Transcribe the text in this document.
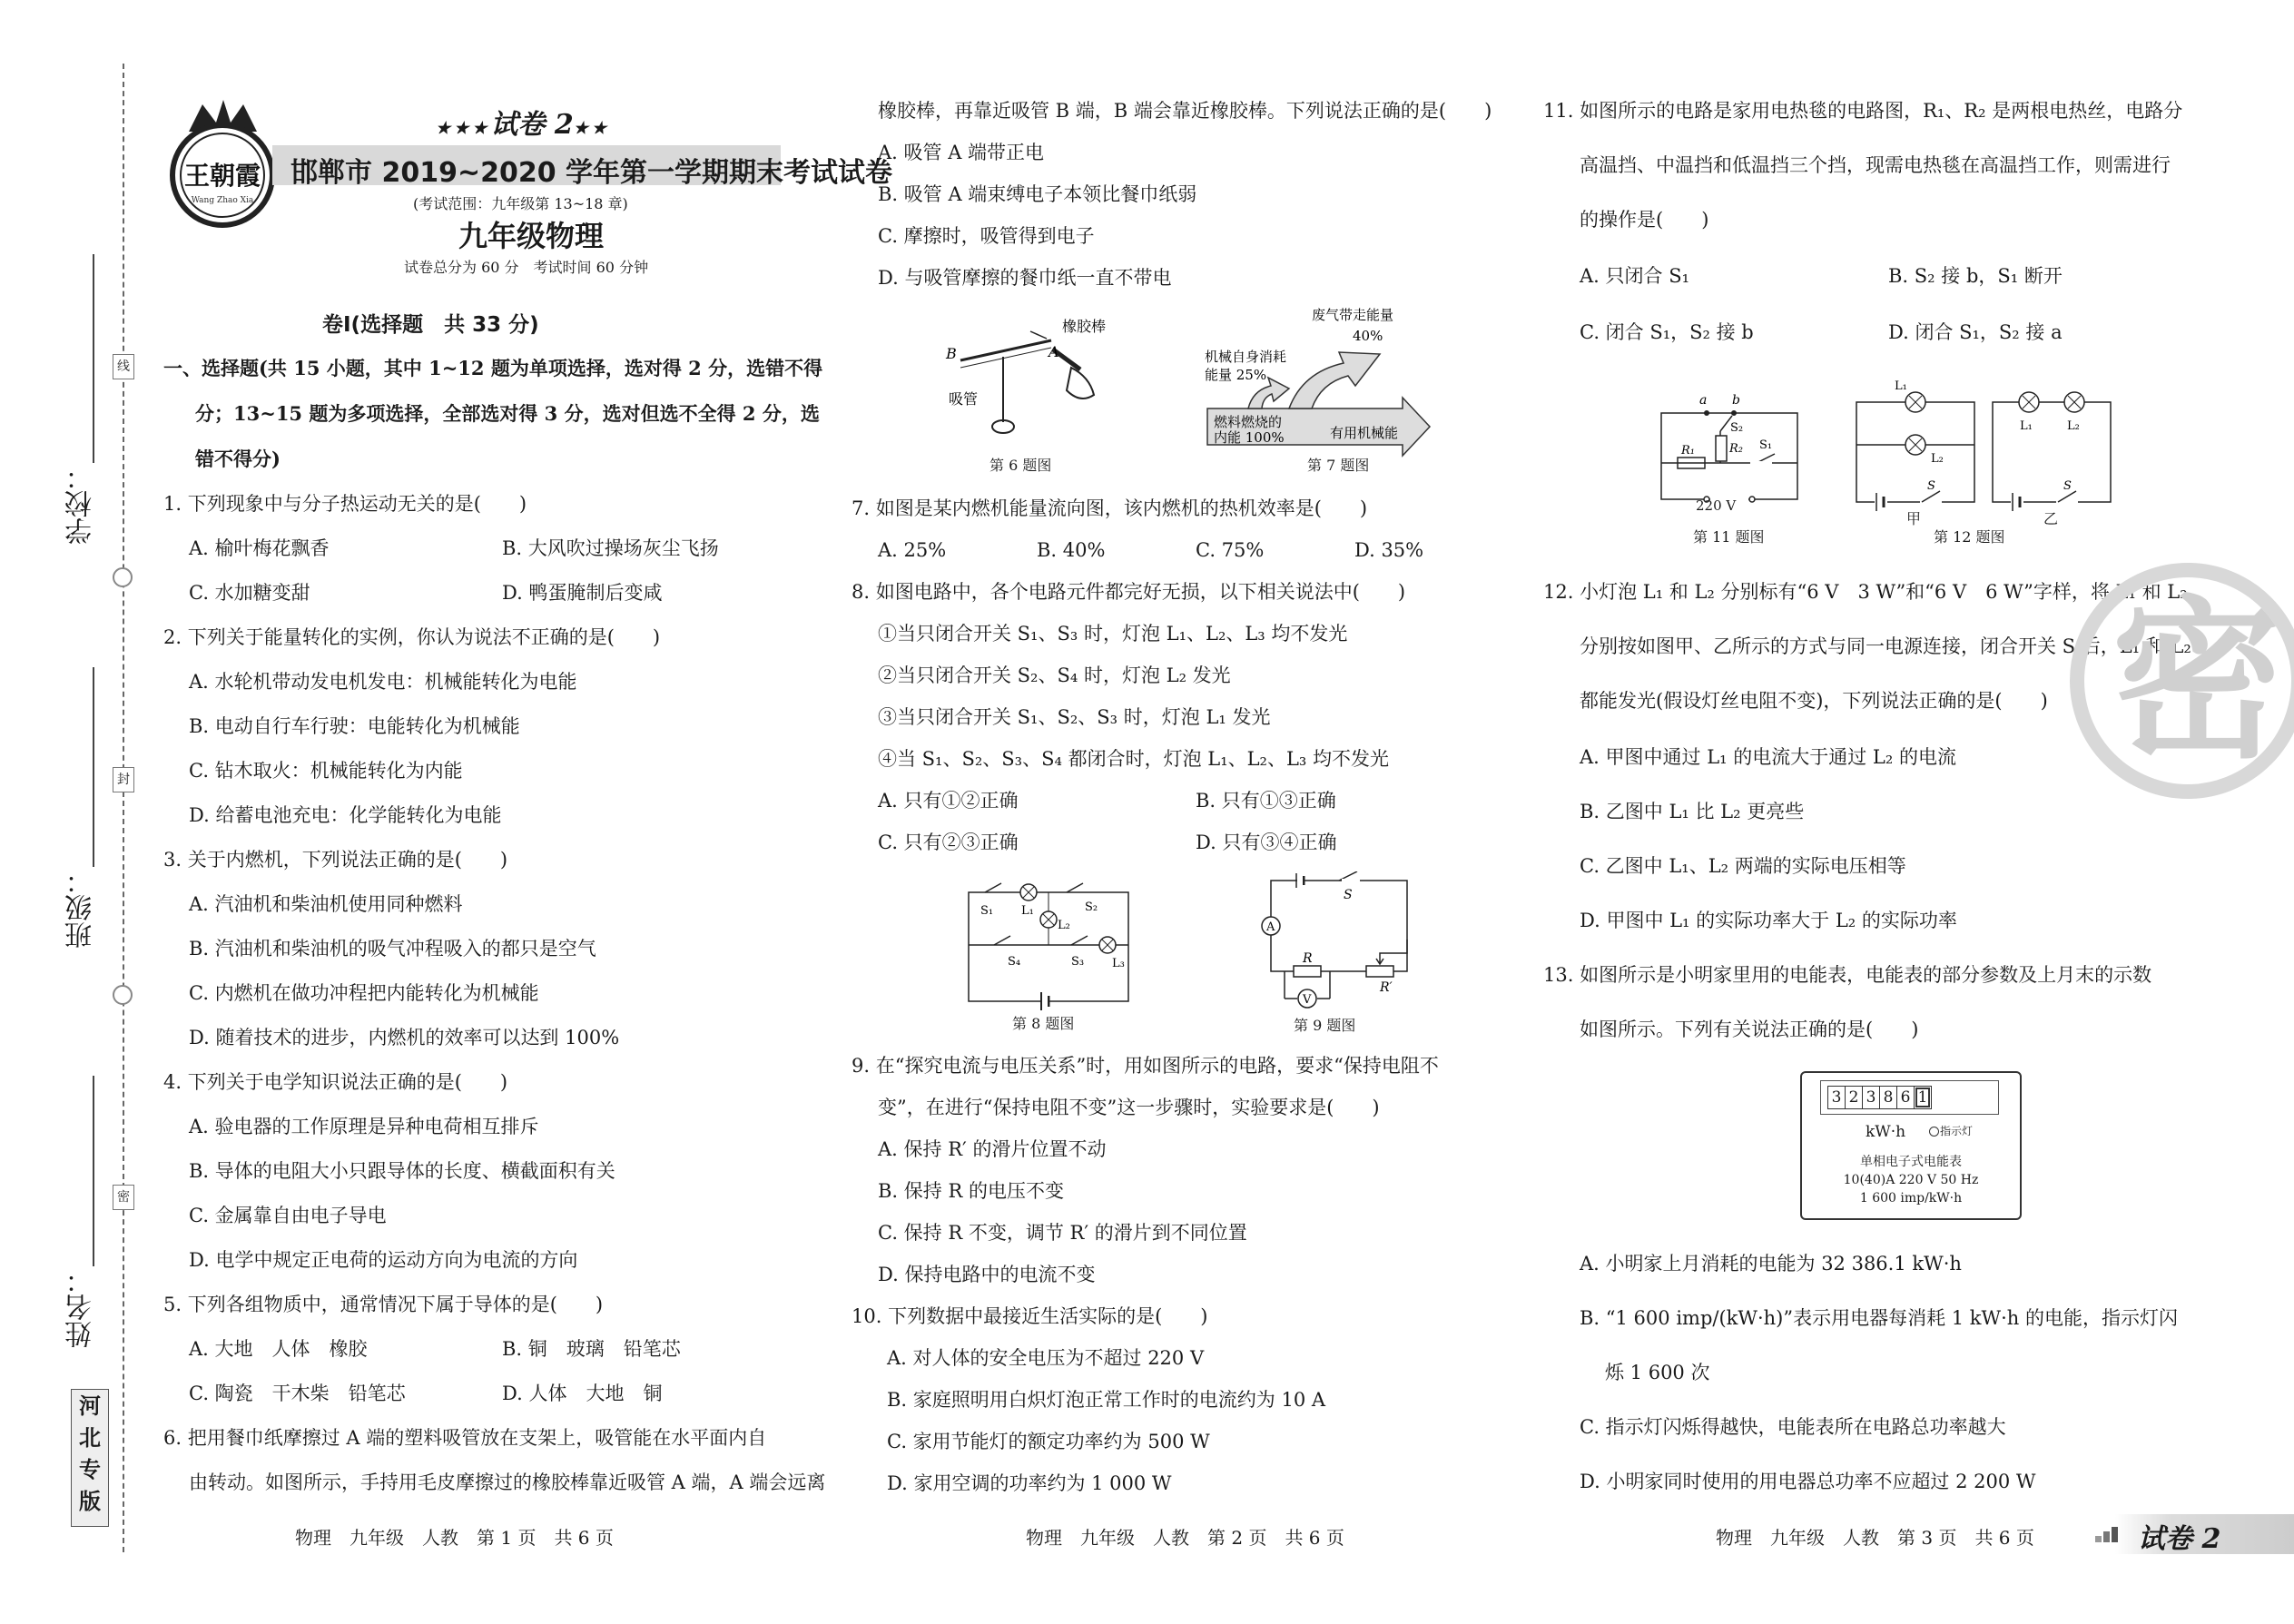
学校：
班级：
姓名：
线
封
密
河
北
专
版
王朝霞
Wang Zhao Xia
★★★试卷 2★★
邯郸市 2019~2020 学年第一学期期末考试试卷
(考试范围：九年级第 13~18 章)
九年级物理
试卷总分为 60 分　考试时间 60 分钟
卷Ⅰ(选择题　共 33 分)
一、选择题(共 15 小题，其中 1~12 题为单项选择，选对得 2 分，选错不得
分；13~15 题为多项选择，全部选对得 3 分，选对但选不全得 2 分，选
错不得分)
1. 下列现象中与分子热运动无关的是(　　)
A. 榆叶梅花飘香	B. 大风吹过操场灰尘飞扬
C. 水加糖变甜	D. 鸭蛋腌制后变咸
2. 下列关于能量转化的实例，你认为说法不正确的是(　　)
A. 水轮机带动发电机发电：机械能转化为电能
B. 电动自行车行驶：电能转化为机械能
C. 钻木取火：机械能转化为内能
D. 给蓄电池充电：化学能转化为电能
3. 关于内燃机，下列说法正确的是(　　)
A. 汽油机和柴油机使用同种燃料
B. 汽油机和柴油机的吸气冲程吸入的都只是空气
C. 内燃机在做功冲程把内能转化为机械能
D. 随着技术的进步，内燃机的效率可以达到 100%
4. 下列关于电学知识说法正确的是(　　)
A. 验电器的工作原理是异种电荷相互排斥
B. 导体的电阻大小只跟导体的长度、横截面积有关
C. 金属靠自由电子导电
D. 电学中规定正电荷的运动方向为电流的方向
5. 下列各组物质中，通常情况下属于导体的是(　　)
A. 大地　人体　橡胶	B. 铜　玻璃　铅笔芯
C. 陶瓷　干木柴　铅笔芯	D. 人体　大地　铜
6. 把用餐巾纸摩擦过 A 端的塑料吸管放在支架上，吸管能在水平面内自
由转动。如图所示，手持用毛皮摩擦过的橡胶棒靠近吸管 A 端，A 端会远离
物理　九年级　人教　第 1 页　共 6 页
橡胶棒，再靠近吸管 B 端，B 端会靠近橡胶棒。下列说法正确的是(　　)
A. 吸管 A 端带正电
B. 吸管 A 端束缚电子本领比餐巾纸弱
C. 摩擦时，吸管得到电子
D. 与吸管摩擦的餐巾纸一直不带电
橡胶棒
B	A
吸管
第 6 题图
废气带走能量
40%
机械自身消耗
能量 25%
燃料燃烧的
内能 100%	有用机械能
第 7 题图
7. 如图是某内燃机能量流向图，该内燃机的热机效率是(　　)
A. 25%	B. 40%	C. 75%	D. 35%
8. 如图电路中，各个电路元件都完好无损，以下相关说法中(　　)
①当只闭合开关 S₁、S₃ 时，灯泡 L₁、L₂、L₃ 均不发光
②当只闭合开关 S₂、S₄ 时，灯泡 L₂ 发光
③当只闭合开关 S₁、S₂、S₃ 时，灯泡 L₁ 发光
④当 S₁、S₂、S₃、S₄ 都闭合时，灯泡 L₁、L₂、L₃ 均不发光
A. 只有①②正确	B. 只有①③正确
C. 只有②③正确	D. 只有③④正确
S₁ L₁	S₂
L₂
S₄	S₃ L₃
第 8 题图
S
A
V
R
R′
第 9 题图
9. 在“探究电流与电压关系”时，用如图所示的电路，要求“保持电阻不
变”，在进行“保持电阻不变”这一步骤时，实验要求是(　　)
A. 保持 R′ 的滑片位置不动
B. 保持 R 的电压不变
C. 保持 R 不变，调节 R′ 的滑片到不同位置
D. 保持电路中的电流不变
10. 下列数据中最接近生活实际的是(　　)
A. 对人体的安全电压为不超过 220 V
B. 家庭照明用白炽灯泡正常工作时的电流约为 10 A
C. 家用节能灯的额定功率约为 500 W
D. 家用空调的功率约为 1 000 W
物理　九年级　人教　第 2 页　共 6 页
11. 如图所示的电路是家用电热毯的电路图，R₁、R₂ 是两根电热丝，电路分
高温挡、中温挡和低温挡三个挡，现需电热毯在高温挡工作，则需进行
的操作是(　　)
A. 只闭合 S₁	B. S₂ 接 b，S₁ 断开
C. 闭合 S₁，S₂ 接 b	D. 闭合 S₁，S₂ 接 a
a b
S₂
R₁	R₂ S₁
220 V
第 11 题图
L₁
L₂
S
L₁	L₂
S
甲	乙
第 12 题图
12. 小灯泡 L₁ 和 L₂ 分别标有“6 V　3 W”和“6 V　6 W”字样，将 L₁ 和 L₂
分别按如图甲、乙所示的方式与同一电源连接，闭合开关 S 后，L₁ 和 L₂
都能发光(假设灯丝电阻不变)，下列说法正确的是(　　)
A. 甲图中通过 L₁ 的电流大于通过 L₂ 的电流
B. 乙图中 L₁ 比 L₂ 更亮些
C. 乙图中 L₁、L₂ 两端的实际电压相等
D. 甲图中 L₁ 的实际功率大于 L₂ 的实际功率
13. 如图所示是小明家里用的电能表，电能表的部分参数及上月末的示数
如图所示。下列有关说法正确的是(　　)
3 2 3 8 6 1
kW·h	指示灯
单相电子式电能表
10(40)A 220 V 50 Hz
1 600 imp/kW·h
A. 小明家上月消耗的电能为 32 386.1 kW·h
B. “1 600 imp/(kW·h)”表示用电器每消耗 1 kW·h 的电能，指示灯闪
烁 1 600 次
C. 指示灯闪烁得越快，电能表所在电路总功率越大
D. 小明家同时使用的用电器总功率不应超过 2 200 W
物理　九年级　人教　第 3 页　共 6 页
密
试卷 2
